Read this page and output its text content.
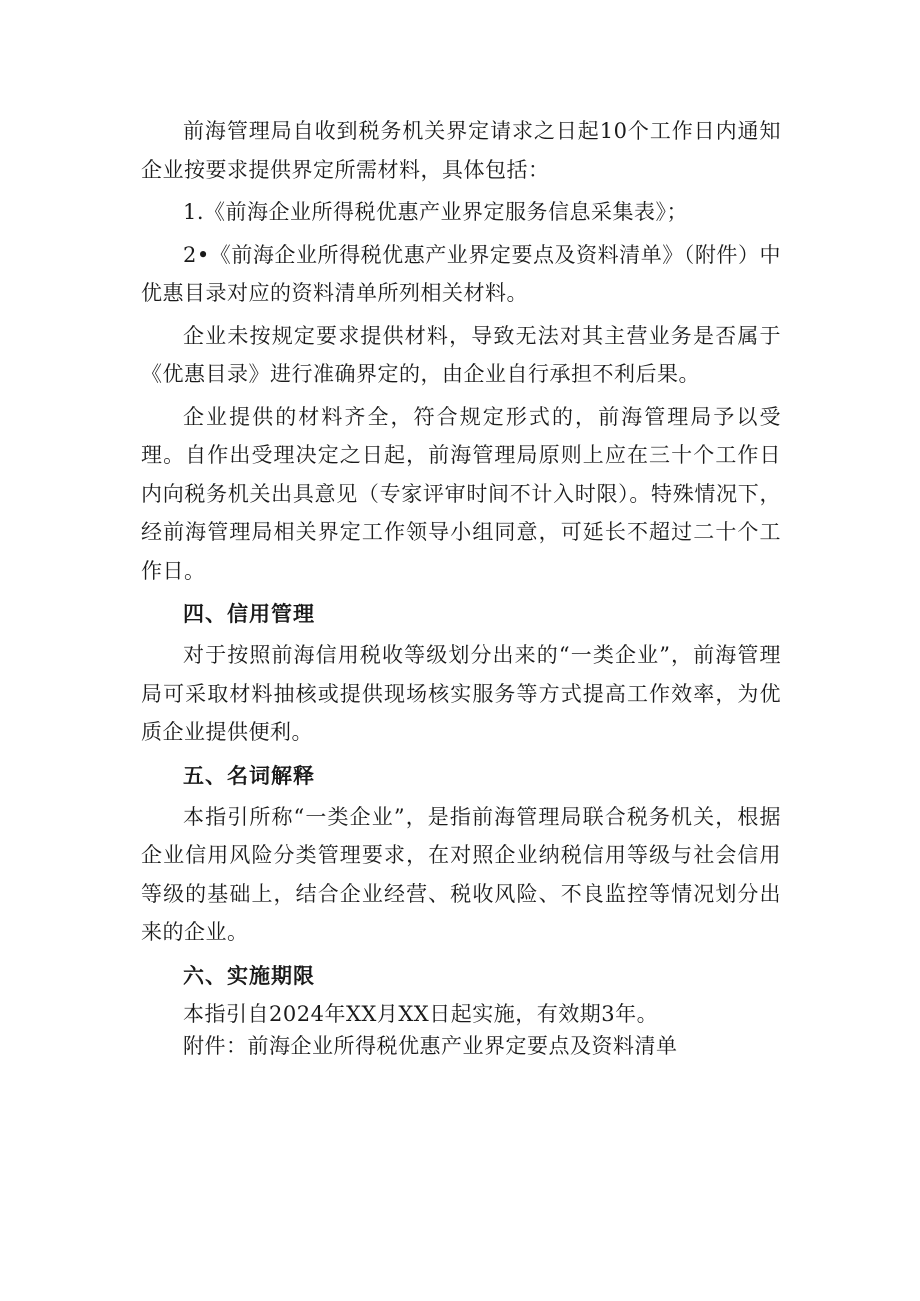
前海管理局自收到税务机关界定请求之日起10个工作日内通知企业按要求提供界定所需材料，具体包括：

1.《前海企业所得税优惠产业界定服务信息采集表》；

2•《前海企业所得税优惠产业界定要点及资料清单》（附件）中优惠目录对应的资料清单所列相关材料。

企业未按规定要求提供材料，导致无法对其主营业务是否属于《优惠目录》进行准确界定的，由企业自行承担不利后果。

企业提供的材料齐全，符合规定形式的，前海管理局予以受理。自作出受理决定之日起，前海管理局原则上应在三十个工作日内向税务机关出具意见（专家评审时间不计入时限）。特殊情况下，经前海管理局相关界定工作领导小组同意，可延长不超过二十个工作日。

四、信用管理

对于按照前海信用税收等级划分出来的“一类企业”，前海管理局可采取材料抽核或提供现场核实服务等方式提高工作效率，为优质企业提供便利。

五、名词解释

本指引所称“一类企业”，是指前海管理局联合税务机关，根据企业信用风险分类管理要求，在对照企业纳税信用等级与社会信用等级的基础上，结合企业经营、税收风险、不良监控等情况划分出来的企业。

六、实施期限

本指引自2024年XX月XX日起实施，有效期3年。

附件：前海企业所得税优惠产业界定要点及资料清单
